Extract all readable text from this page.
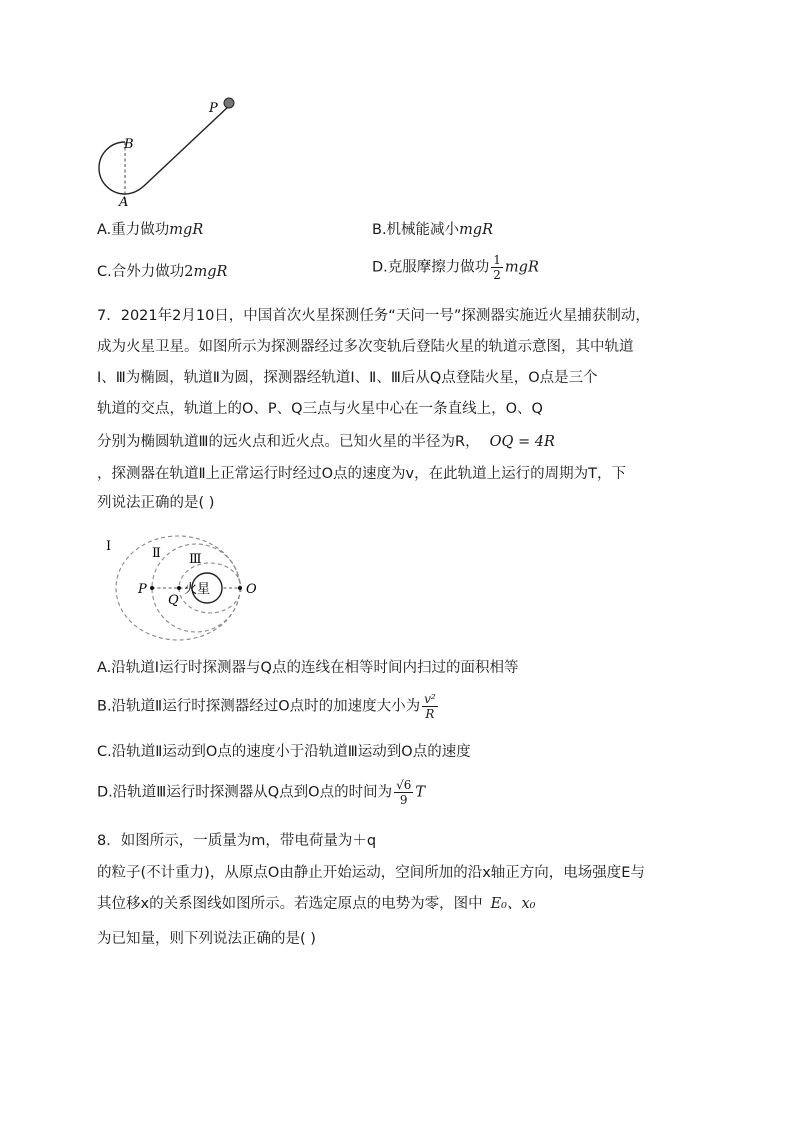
P
B
A
A.重力做功mgR	B.机械能减小mgR
C.合外力做功2mgR	D.克服摩擦力做功 $\frac{1}{2}$ mgR
7．2021年2月10日，中国首次火星探测任务“天问一号”探测器实施近火星捕获制动，
成为火星卫星。如图所示为探测器经过多次变轨后登陆火星的轨道示意图，其中轨道
Ⅰ、Ⅲ为椭圆，轨道Ⅱ为圆，探测器经轨道Ⅰ、Ⅱ、Ⅲ后从Q点登陆火星，O点是三个
轨道的交点，轨道上的O、P、Q三点与火星中心在一条直线上，O、Q
分别为椭圆轨道Ⅲ的远火点和近火点。已知火星的半径为R， OQ = 4R
，探测器在轨道Ⅱ上正常运行时经过O点的速度为v，在此轨道上运行的周期为T，下
列说法正确的是( )
Ⅰ	Ⅱ Ⅲ
P
Q
O
火星
A.沿轨道Ⅰ运行时探测器与Q点的连线在相等时间内扫过的面积相等
B.沿轨道Ⅱ运行时探测器经过O点时的加速度大小为 $\frac{\text{v²}}{R}$
C.沿轨道Ⅱ运动到O点的速度小于沿轨道Ⅲ运动到O点的速度
D.沿轨道Ⅲ运行时探测器从Q点到O点的时间为 $\frac{√6}{9}$ T
8．如图所示，一质量为m，带电荷量为＋q
的粒子(不计重力)，从原点O由静止开始运动，空间所加的沿x轴正方向，电场强度E与
其位移x的关系图线如图所示。若选定原点的电势为零，图中 E₀、x₀
为已知量，则下列说法正确的是( )
